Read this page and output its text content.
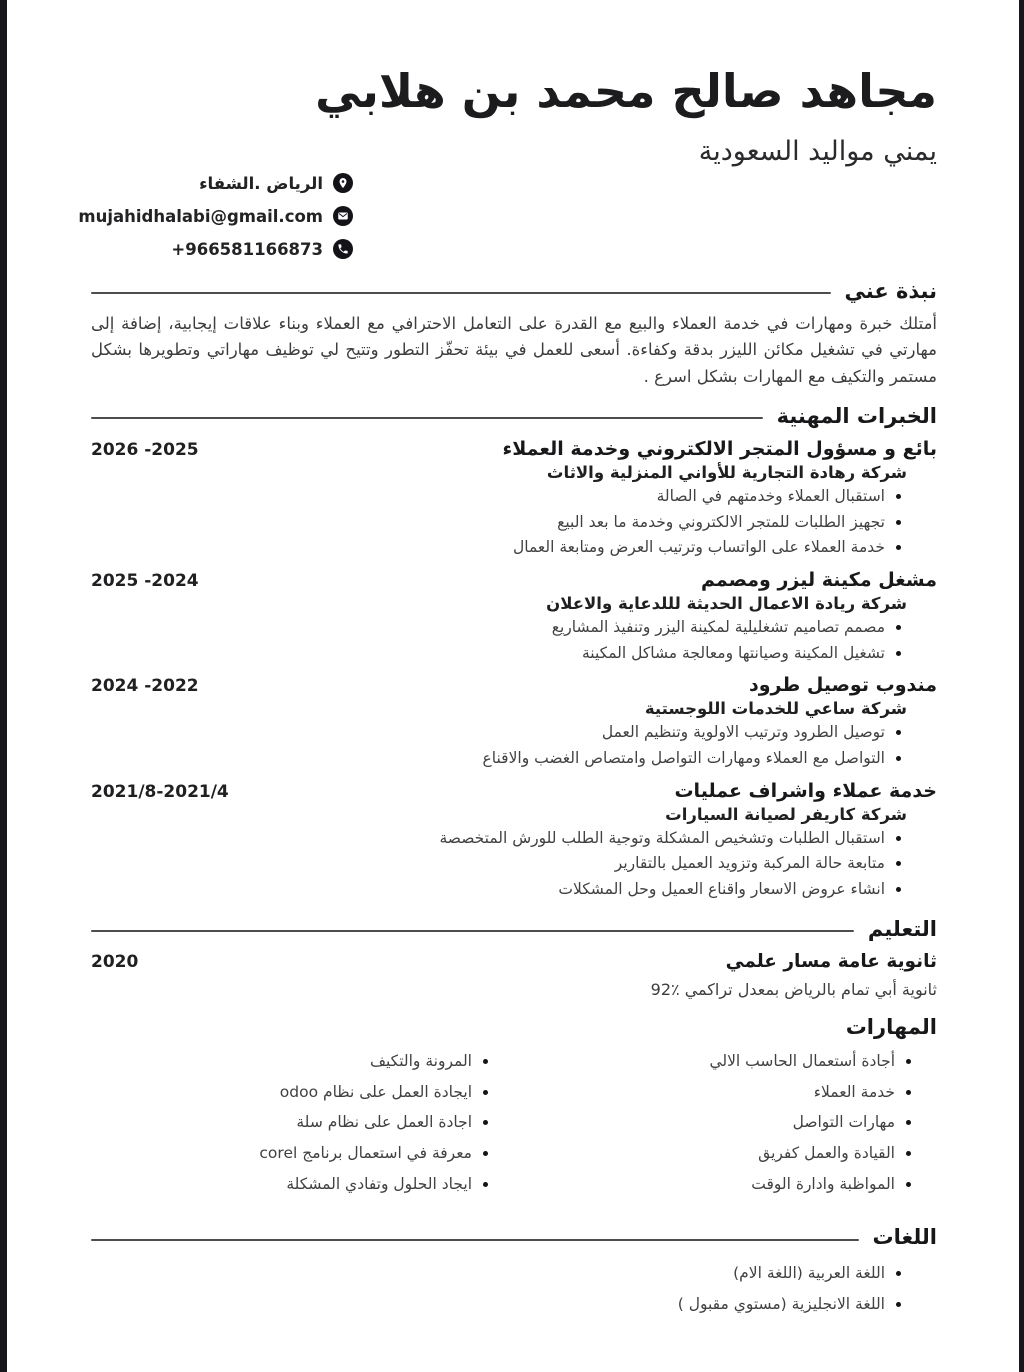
مجاهد صالح محمد بن هلابي
يمني مواليد السعودية
الرياض .الشفاء
mujahidhalabi@gmail.com
+966581166873
نبذة عني
أمتلك خبرة ومهارات في خدمة العملاء والبيع مع القدرة على التعامل الاحترافي مع العملاء وبناء علاقات إيجابية، إضافة إلى مهارتي في تشغيل مكائن الليزر بدقة وكفاءة. أسعى للعمل في بيئة تحفّز التطور وتتيح لي توظيف مهاراتي وتطويرها بشكل مستمر والتكيف مع المهارات بشكل اسرع .
الخبرات المهنية
بائع و مسؤول المتجر الالكتروني وخدمة العملاء
2026 -2025
شركة رهادة التجارية للأواني المنزلية والاثاث
استقبال العملاء وخدمتهم في الصالة
تجهيز الطلبات للمتجر الالكتروني وخدمة ما بعد البيع
خدمة العملاء على الواتساب وترتيب العرض ومتابعة العمال
مشغل مكينة ليزر ومصمم
2025 -2024
شركة ريادة الاعمال الحديثة لللدعاية والاعلان
مصمم تصاميم تشغليلية لمكينة اليزر وتنفيذ المشاريع
تشغيل المكينة وصيانتها ومعالجة مشاكل المكينة
مندوب توصيل طرود
2024 -2022
شركة ساعي للخدمات اللوجستية
توصيل الطرود وترتيب الاولوية وتنظيم العمل
التواصل مع العملاء ومهارات التواصل وامتصاص الغضب والاقناع
خدمة عملاء واشراف عمليات
2021/8-2021/4
شركة كاريفر لصيانة السيارات
استقبال الطلبات وتشخيص المشكلة وتوجية الطلب للورش المتخصصة
متابعة حالة المركبة وتزويد العميل بالتقارير
انشاء عروض الاسعار واقناع العميل وحل المشكلات
التعليم
ثانوية عامة مسار علمي
2020
ثانوية أبي تمام بالرياض بمعدل تراكمي ٪92
المهارات
أجادة أستعمال الحاسب الالي
خدمة العملاء
مهارات التواصل
القيادة والعمل كفريق
المواظبة وادارة الوقت
المرونة والتكيف
ايجادة العمل على نظام odoo
اجادة العمل على نظام سلة
معرفة في استعمال برنامج corel
ايجاد الحلول وتفادي المشكلة
اللغات
اللغة العربية (اللغة الام)
اللغة الانجليزية (مستوي مقبول )
